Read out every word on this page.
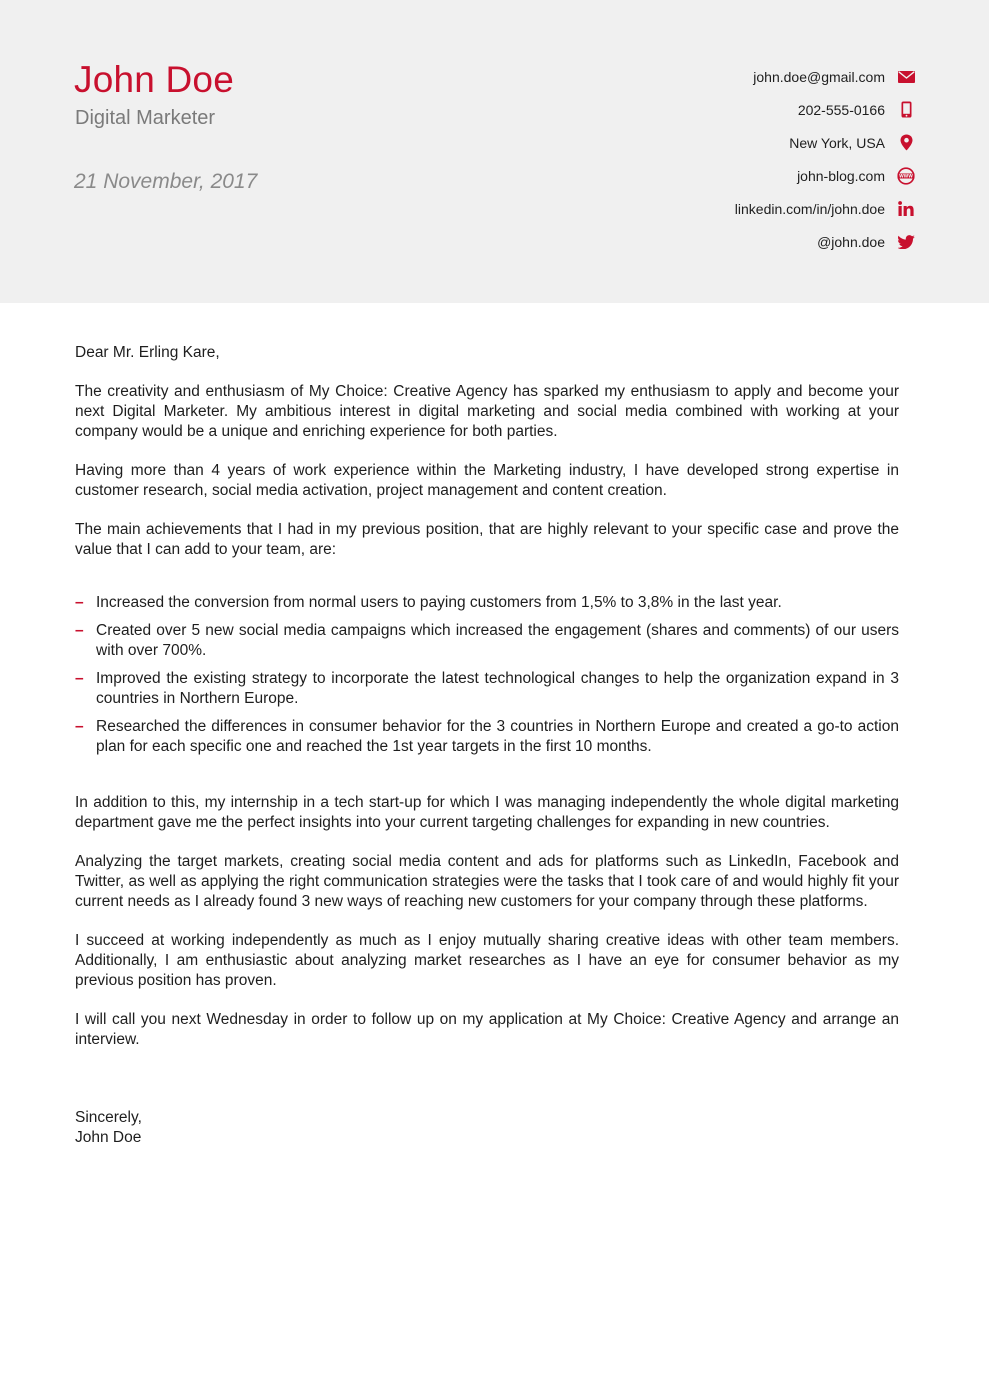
John Doe
Digital Marketer
21 November, 2017
john.doe@gmail.com
202-555-0166
New York, USA
john-blog.com	WWW
linkedin.com/in/john.doe
@john.doe

Dear Mr. Erling Kare,

The creativity and enthusiasm of My Choice: Creative Agency has sparked my enthusiasm to apply and become your next Digital Marketer. My ambitious interest in digital marketing and social media combined with working at your company would be a unique and enriching experience for both parties.

Having more than 4 years of work experience within the Marketing industry, I have developed strong expertise in customer research, social media activation, project management and content creation.

The main achievements that I had in my previous position, that are highly relevant to your specific case and prove the value that I can add to your team, are:

– Increased the conversion from normal users to paying customers from 1,5% to 3,8% in the last year.
– Created over 5 new social media campaigns which increased the engagement (shares and comments) of our users with over 700%.
– Improved the existing strategy to incorporate the latest technological changes to help the organization expand in 3 countries in Northern Europe.
– Researched the differences in consumer behavior for the 3 countries in Northern Europe and created a go-to action plan for each specific one and reached the 1st year targets in the first 10 months.

In addition to this, my internship in a tech start-up for which I was managing independently the whole digital marketing department gave me the perfect insights into your current targeting challenges for expanding in new countries.

Analyzing the target markets, creating social media content and ads for platforms such as LinkedIn, Facebook and Twitter, as well as applying the right communication strategies were the tasks that I took care of and would highly fit your current needs as I already found 3 new ways of reaching new customers for your company through these platforms.

I succeed at working independently as much as I enjoy mutually sharing creative ideas with other team members. Additionally, I am enthusiastic about analyzing market researches as I have an eye for consumer behavior as my previous position has proven.

I will call you next Wednesday in order to follow up on my application at My Choice: Creative Agency and arrange an interview.

Sincerely,
John Doe
